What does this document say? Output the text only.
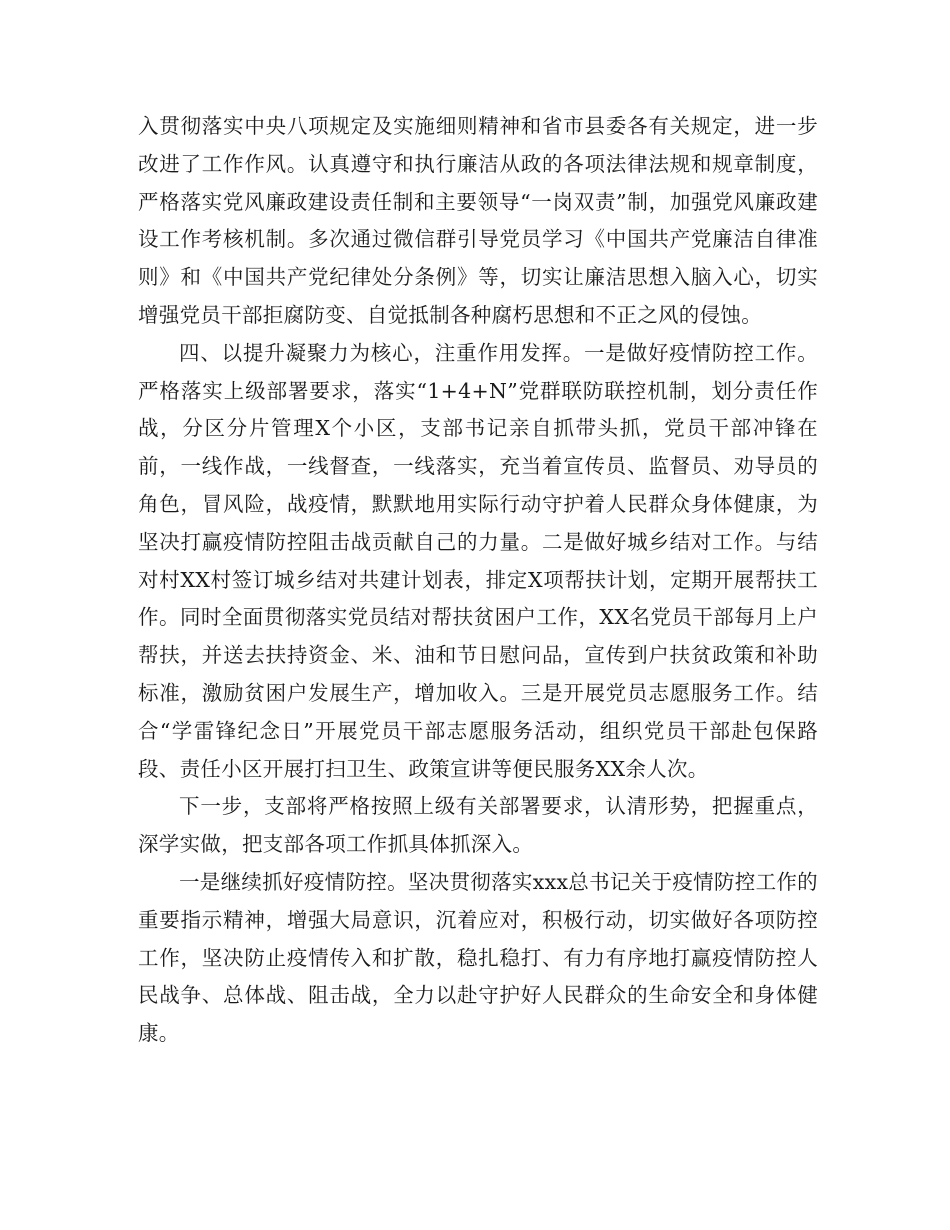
入贯彻落实中央八项规定及实施细则精神和省市县委各有关规定，进一步改进了工作作风。认真遵守和执行廉洁从政的各项法律法规和规章制度，严格落实党风廉政建设责任制和主要领导“一岗双责”制，加强党风廉政建设工作考核机制。多次通过微信群引导党员学习《中国共产党廉洁自律准则》和《中国共产党纪律处分条例》等，切实让廉洁思想入脑入心，切实增强党员干部拒腐防变、自觉抵制各种腐朽思想和不正之风的侵蚀。

四、以提升凝聚力为核心，注重作用发挥。一是做好疫情防控工作。严格落实上级部署要求，落实“1+4+N”党群联防联控机制，划分责任作战，分区分片管理X个小区，支部书记亲自抓带头抓，党员干部冲锋在前，一线作战，一线督查，一线落实，充当着宣传员、监督员、劝导员的角色，冒风险，战疫情，默默地用实际行动守护着人民群众身体健康，为坚决打赢疫情防控阻击战贡献自己的力量。二是做好城乡结对工作。与结对村XX村签订城乡结对共建计划表，排定X项帮扶计划，定期开展帮扶工作。同时全面贯彻落实党员结对帮扶贫困户工作，XX名党员干部每月上户帮扶，并送去扶持资金、米、油和节日慰问品，宣传到户扶贫政策和补助标准，激励贫困户发展生产，增加收入。三是开展党员志愿服务工作。结合“学雷锋纪念日”开展党员干部志愿服务活动，组织党员干部赴包保路段、责任小区开展打扫卫生、政策宣讲等便民服务XX余人次。

下一步，支部将严格按照上级有关部署要求，认清形势，把握重点，深学实做，把支部各项工作抓具体抓深入。

一是继续抓好疫情防控。坚决贯彻落实xxx总书记关于疫情防控工作的重要指示精神，增强大局意识，沉着应对，积极行动，切实做好各项防控工作，坚决防止疫情传入和扩散，稳扎稳打、有力有序地打赢疫情防控人民战争、总体战、阻击战，全力以赴守护好人民群众的生命安全和身体健康。
